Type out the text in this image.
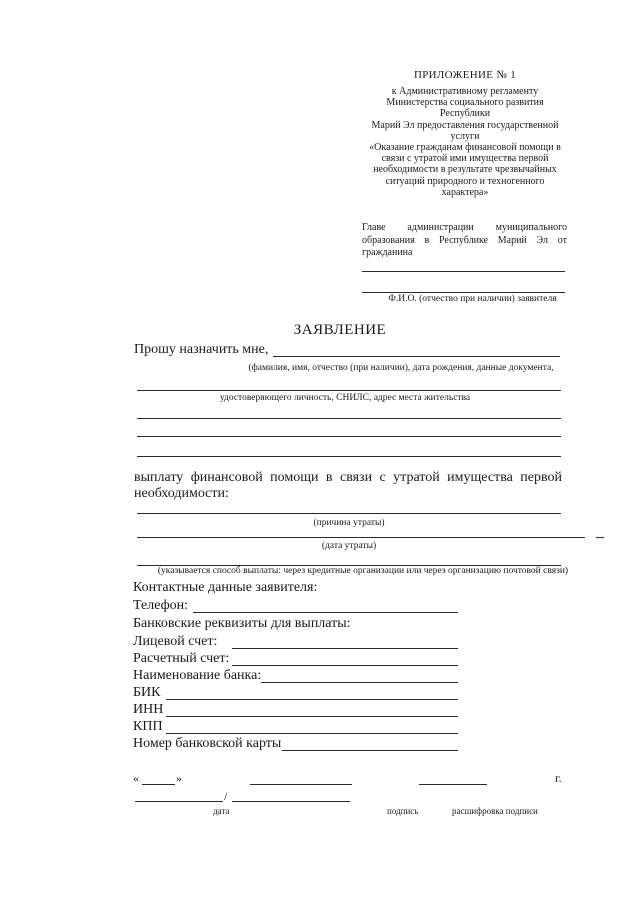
ПРИЛОЖЕНИЕ № 1
к Административному регламенту
Министерства социального развития
Республики
Марий Эл предоставления государственной
услуги
«Оказание гражданам финансовой помощи в
связи с утратой ими имущества первой
необходимости в результате чрезвычайных
ситуаций природного и техногенного
характера»
Главе администрации муниципального образования в Республике Марий Эл от гражданина
Ф.И.О. (отчество при наличии) заявителя
ЗАЯВЛЕНИЕ
Прошу назначить мне,
(фамилия, имя, отчество (при наличии), дата рождения, данные документа,
удостоверяющего личность, СНИЛС, адрес места жительства
выплату финансовой помощи в связи с утратой имущества первой необходимости:
(причина утраты)
(дата утраты)
(указывается способ выплаты: через кредитные организации или через организацию почтовой связи)
Контактные данные заявителя:
Телефон:
Банковские реквизиты для выплаты:
Лицевой счет:
Расчетный счет:
Наименование банка:
БИК
ИНН
КПП
Номер банковской карты
«	»	г.
/
дата	подпись	расшифровка подписи
